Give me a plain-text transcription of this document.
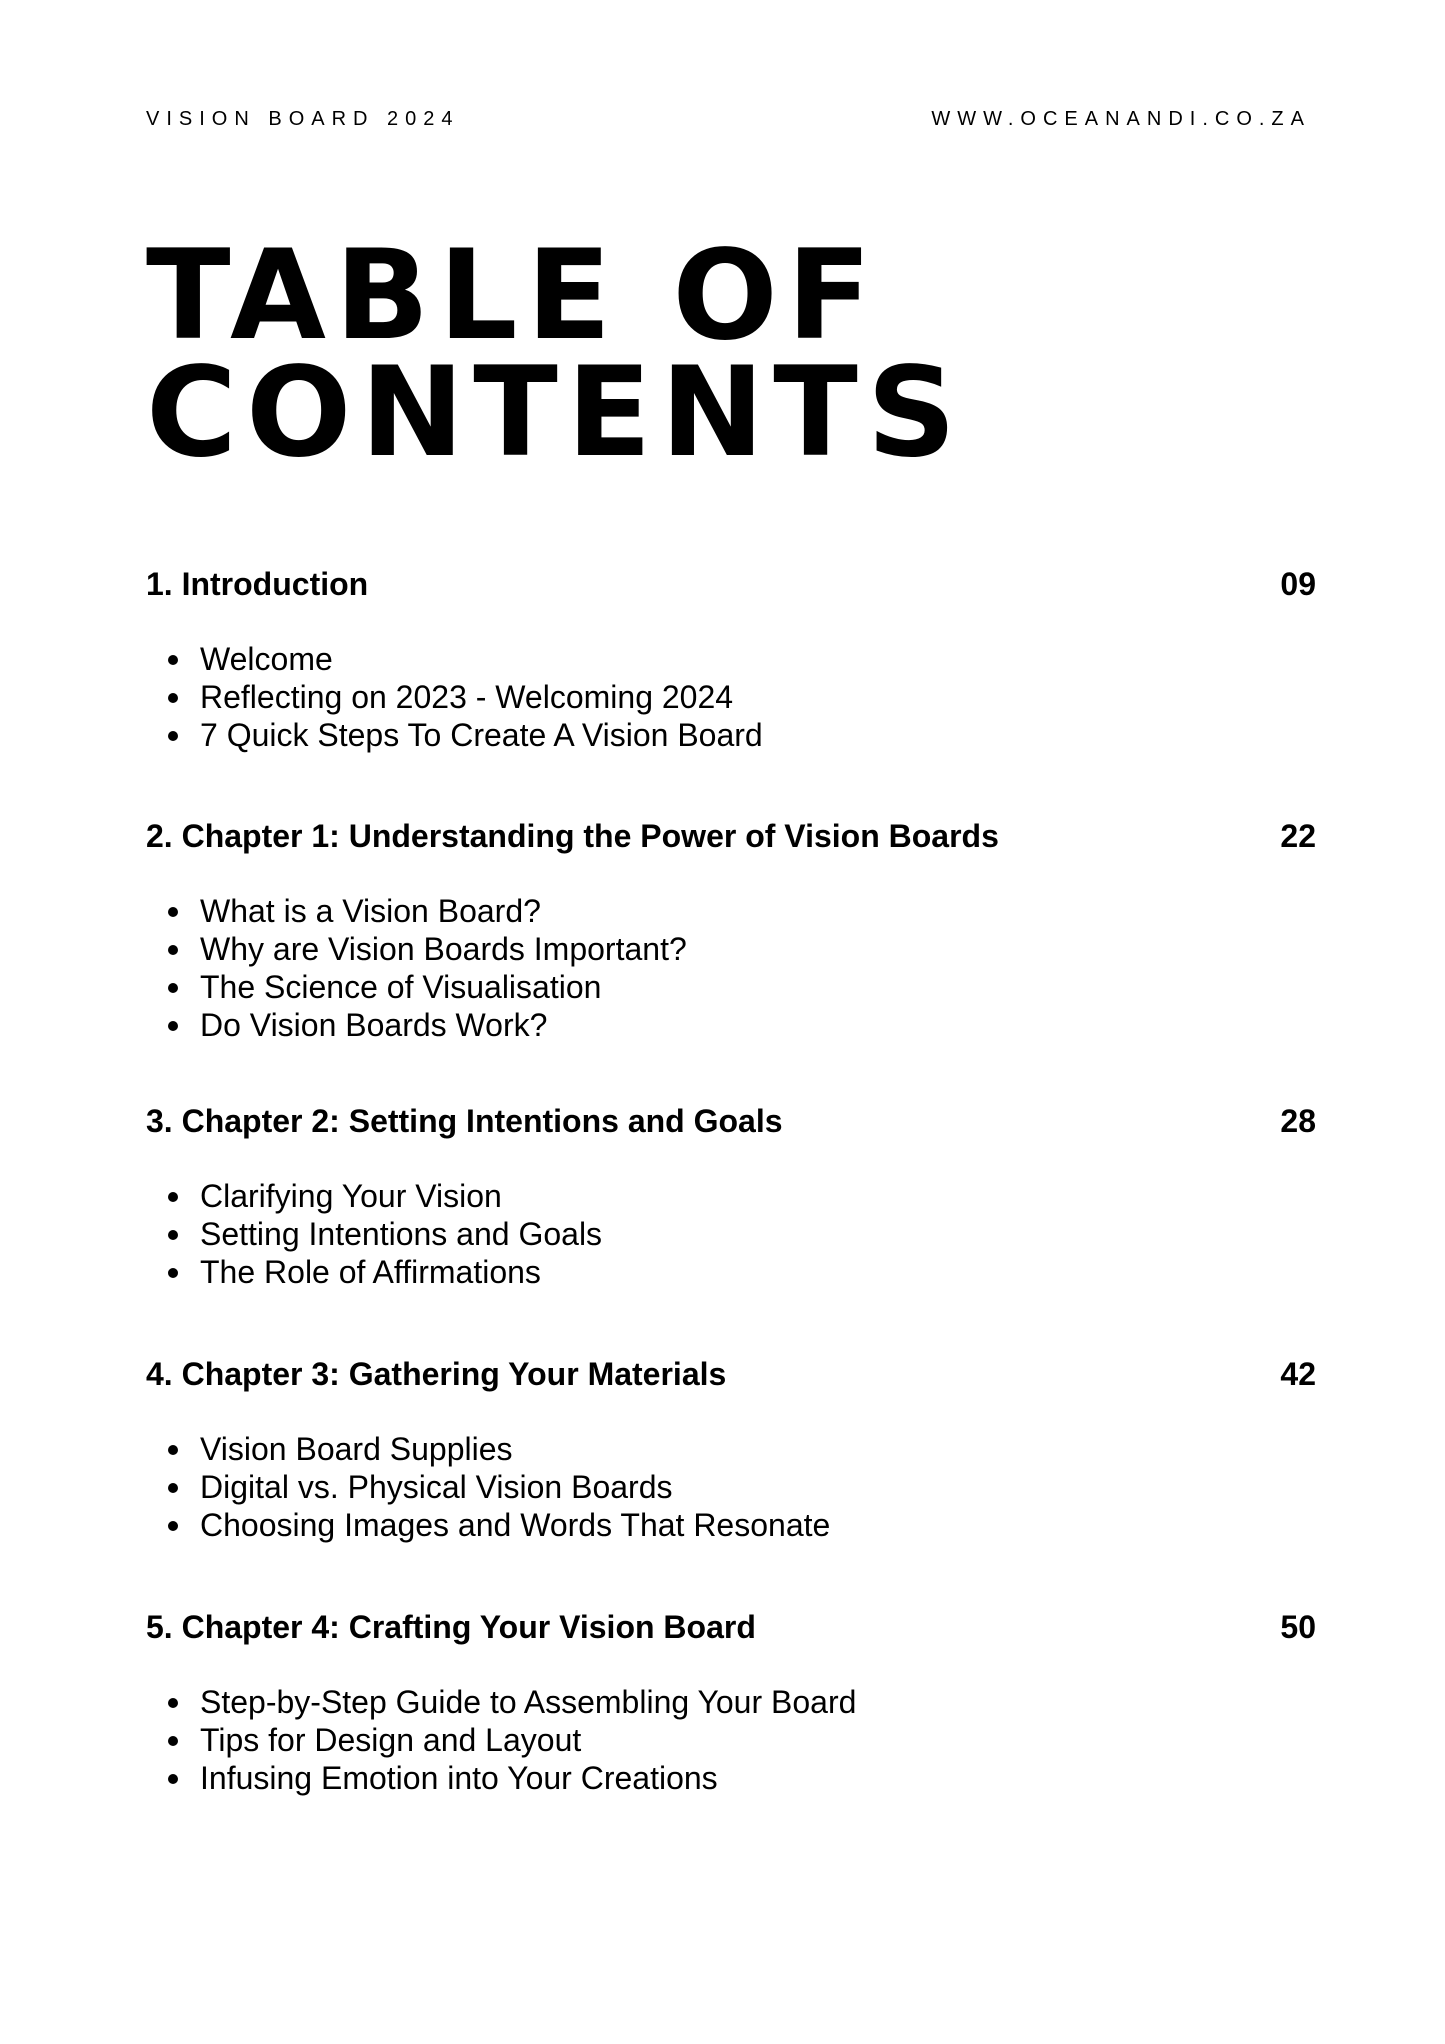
VISION BOARD 2024	WWW.OCEANANDI.CO.ZA
TABLE OF
CONTENTS
1. Introduction	09
Welcome
Reflecting on 2023 - Welcoming 2024
7 Quick Steps To Create A Vision Board
2. Chapter 1: Understanding the Power of Vision Boards	22
What is a Vision Board?
Why are Vision Boards Important?
The Science of Visualisation
Do Vision Boards Work?
3. Chapter 2: Setting Intentions and Goals	28
Clarifying Your Vision
Setting Intentions and Goals
The Role of Affirmations
4. Chapter 3: Gathering Your Materials	42
Vision Board Supplies
Digital vs. Physical Vision Boards
Choosing Images and Words That Resonate
5. Chapter 4: Crafting Your Vision Board	50
Step-by-Step Guide to Assembling Your Board
Tips for Design and Layout
Infusing Emotion into Your Creations
